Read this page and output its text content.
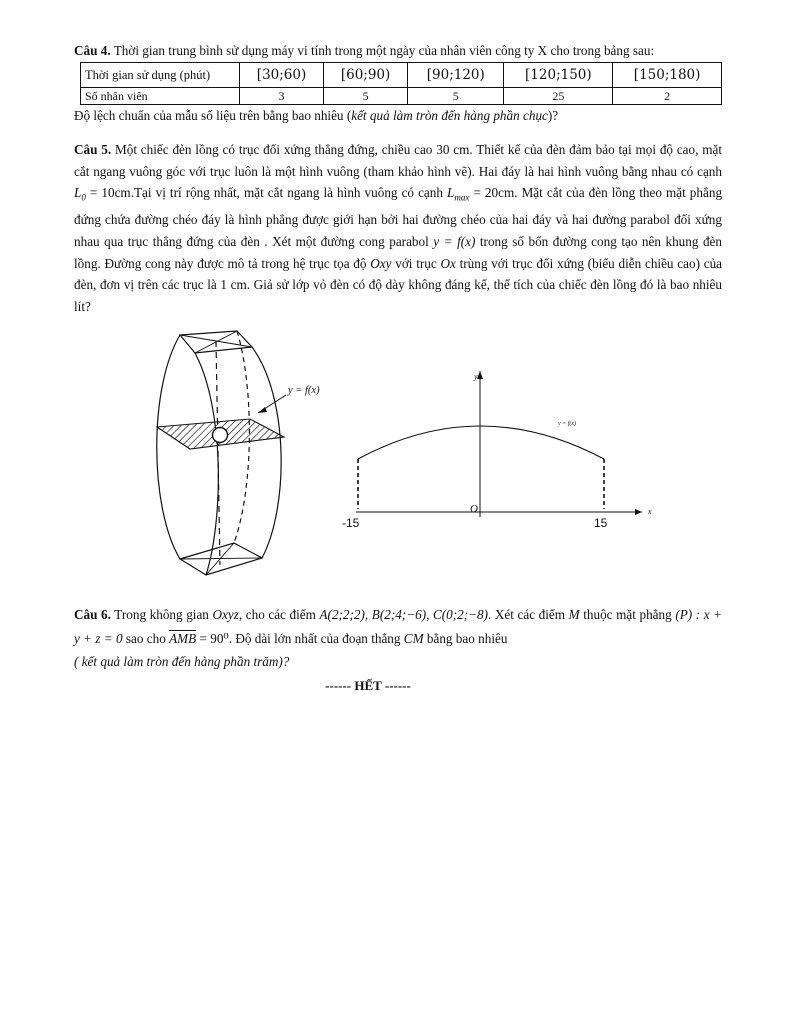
Câu 4. Thời gian trung bình sử dụng máy vi tính trong một ngày của nhân viên công ty X cho trong bảng sau:

Thời gian sử dụng (phút)	[30;60)	[60;90)	[90;120)	[120;150)	[150;180)
Số nhân viên	3	5	5	25	2

Độ lệch chuẩn của mẫu số liệu trên bằng bao nhiêu (kết quả làm tròn đến hàng phần chục)?

Câu 5. Một chiếc đèn lồng có trục đối xứng thẳng đứng, chiều cao 30 cm. Thiết kế của đèn đảm bảo tại mọi độ cao, mặt cắt ngang vuông góc với trục luôn là một hình vuông (tham khảo hình vẽ). Hai đáy là hai hình vuông bằng nhau có cạnh $L_0$ = 10cm.Tại vị trí rộng nhất, mặt cắt ngang là hình vuông có cạnh $L_{max} = 20cm$. Mặt cắt của đèn lồng theo mặt phẳng đứng chứa đường chéo đáy là hình phẳng được giới hạn bởi hai đường chéo của hai đáy và hai đường parabol đối xứng nhau qua trục thẳng đứng của đèn . Xét một đường cong parabol y = f(x) trong số bốn đường cong tạo nên khung đèn lồng. Đường cong này được mô tả trong hệ trục tọa độ Oxy với trục Ox trùng với trục đối xứng (biểu diễn chiều cao) của đèn, đơn vị trên các trục là 1 cm. Giả sử lớp vỏ đèn có độ dày không đáng kể, thể tích của chiếc đèn lồng đó là bao nhiêu lít?

y = f(x)
y
x
O
-15	15
y = f(x)

Câu 6. Trong không gian Oxyz, cho các điểm A(2;2;2), B(2;4;−6), C(0;2;−8). Xét các điểm M thuộc mặt phẳng (P) : x + y + z = 0 sao cho $\overline{AMB} = 90^0$. Độ dài lớn nhất của đoạn thẳng CM bằng bao nhiêu

( kết quả làm tròn đến hàng phần trăm)?

------ HẾT ------
